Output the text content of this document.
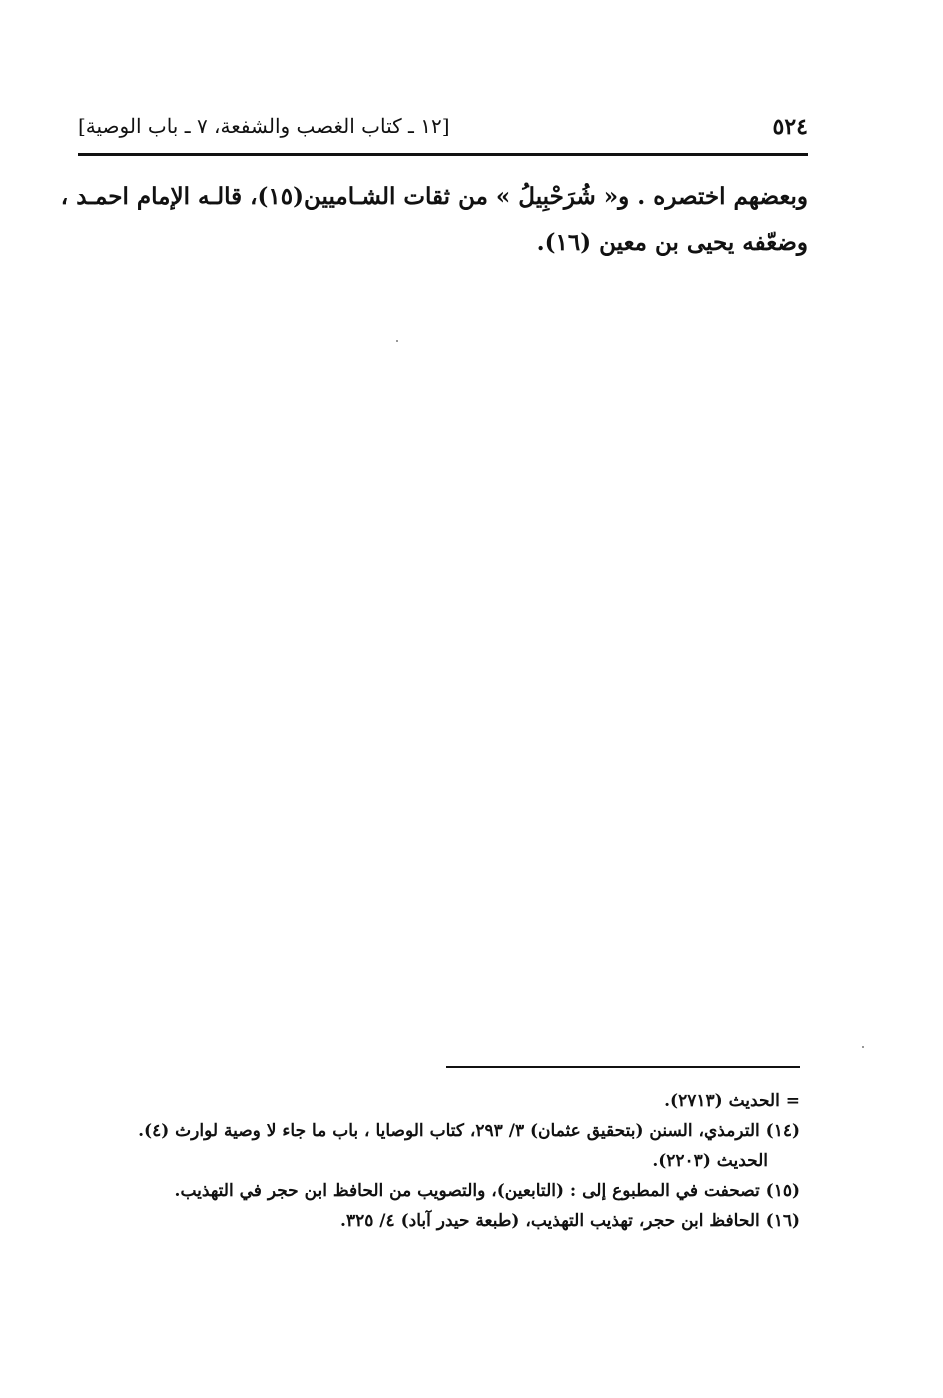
٥٢٤
[١٢ ـ كتاب الغصب والشفعة، ٧ ـ باب الوصية]
وبعضهم اختصره . و« شُرَحْبِيلُ » من ثقات الشـاميين(١٥)، قالـه الإمام احمـد ،
وضعّفه يحيى بن معين (١٦).
= الحديث (٢٧١٣).
(١٤) الترمذي، السنن (بتحقيق عثمان) ٣/ ٢٩٣، كتاب الوصايا ، باب ما جاء لا وصية لوارث (٤).
الحديث (٢٢٠٣).
(١٥) تصحفت في المطبوع إلى : (التابعين)، والتصويب من الحافظ ابن حجر في التهذيب.
(١٦) الحافظ ابن حجر، تهذيب التهذيب، (طبعة حيدر آباد) ٤/ ٣٢٥.
